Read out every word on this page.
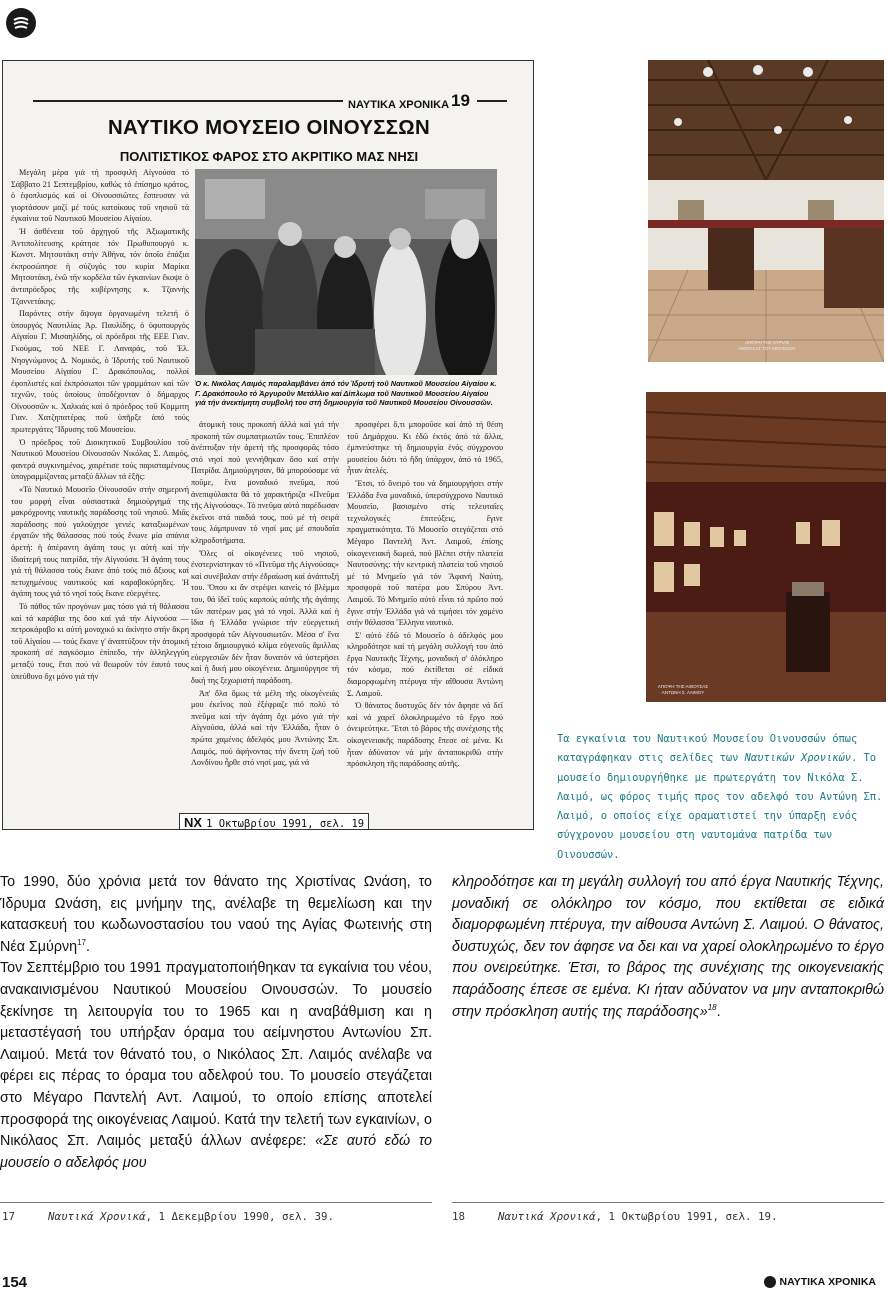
ΝΑΥΤΙΚΑ ΧΡΟΝΙΚΑ 19
ΝΑΥΤΙΚΟ ΜΟΥΣΕΙΟ ΟΙΝΟΥΣΣΩΝ
ΠΟΛΙΤΙΣΤΙΚΟΣ ΦΑΡΟΣ ΣΤΟ ΑΚΡΙΤΙΚΟ ΜΑΣ ΝΗΣΙ

Μεγάλη μέρα γιά τή προσφιλή Αἰγνούσα τό Σάββατο 21 Σεπτεμβρίου, καθώς τό ἐπίσημο κράτος, ὁ ἐφοπλισμός καί οἱ Οἰνουσσιῶτες ἔσπευσαν νά γιορτάσουν μαζί μέ τούς κατοίκους τοῦ νησιοῦ τά ἐγκαίνια τοῦ Ναυτικοῦ Μουσείου Αἰγαίου.

Ἡ ἀσθένεια τοῦ ἀρχηγοῦ τῆς Ἀξιωματικῆς Ἀντιπολίτευσης κράτησε τόν Πρωθυπουργό κ. Κωνστ. Μητσοτάκη στήν Ἀθήνα, τόν ὁποῖο ἐπάξια ἐκπροσώπησε ἡ σύζυγός του κυρία Μαρίκα Μητσοτάκη, ἐνῶ τήν κορδέλα τῶν ἐγκαινίων ἔκοψε ὁ ἀντιπρόεδρος τῆς κυβέρνησης κ. Τζαννής Τζαννετάκης.

Παρόντες στήν ἄψογα ὀργανωμένη τελετή ὁ ὑπουργός Ναυτιλίας Ἀρ. Παυλίδης, ὁ ὑφυπουργός Αἰγαίου Γ. Μισαηλίδης, οἱ πρόεδροι τῆς ΕΕΕ Γιαν. Γκούμας, τοῦ ΝΕΕ Γ. Λαναράς, τοῦ Ἑλ. Νηογνώμονος Δ. Νομικός, ὁ Ἱδρυτής τοῦ Ναυτικοῦ Μουσείου Αἰγαίου Γ. Δρακόπουλος, πολλοί ἐφοπλιστές καί ἐκπρόσωποι τῶν γραμμάτων καί τῶν τεχνῶν, τούς ὁποίους ὑποδέχονταν ὁ δήμαρχος Οἰνουσσῶν κ. Χαλκιάς καί ὁ πρόεδρος τοῦ Κομμιτη Γιαν. Χατζηπατέρας ποῦ ὑπῆρξε ἀπό τούς πρωτεργάτες Ἵδρυσης τοῦ Μουσείου.

Ὁ πρόεδρος τοῦ Διοικητικοῦ Συμβουλίου τοῦ Ναυτικοῦ Μουσείου Οἰνουσσῶν Νικόλας Σ. Λαιμός, φανερά συγκινημένος, χαιρέτισε τούς παρισταμένους ὑπογραμμίζοντας μεταξύ ἄλλων τά ἑξῆς:

«Τό Ναυτικό Μουσεῖο Οἰνουσσῶν στήν σημερινή του μορφή εἶναι οὐσιαστικά δημιούργημά της μακρόχρονης ναυτικῆς παράδοσης τοῦ νησιοῦ. Μιᾶς παράδοσης πού γαλούχησε γενιές καταξιωμένων ἐργατῶν τῆς θάλασσας πού τούς ἕνωνε μία σπάνια ἀρετή: ἡ ἀπέραντη ἀγάπη τους γι αὐτή καί τήν ἰδιαίτερή τους πατρίδα, τήν Αἰγνούσα. Ἡ ἀγάπη τους γιά τή θάλασσα τούς ἔκανε ἀπό τούς πιό ἄξιους καί πετυχημένους ναυτικούς καί καραβοκύρηδες. Ἡ ἀγάπη τους γιά τό νησί τούς ἔκανε εὐεργέτες.

Τό πάθος τῶν προγόνων μας τόσο γιά τή θάλασσα καί τά καράβια της ὅσο καί γιά τήν Αἰγνούσα — πετροκάραβο κι αὐτή μοναχικό κι ἀκίνητο στήν ἄκρη τοῦ Αἰγαίου — τούς ἔκανε γ' ἀναπτύξουν τήν ἀτομική προκοπή σέ παγκόσμιο ἐπίπεδο, τήν ἀλληλεγγύη μεταξύ τους, ἔτσι πού νά θεωροῦν τόν ἑαυτό τους ὑπεύθυνο ὄχι μόνο γιά τήν

Ὁ κ. Νικόλας Λαιμός παραλαμβάνει ἀπό τόν Ἱδρυτή τοῦ Ναυτικοῦ Μουσείου Αἰγαίου κ. Γ. Δρακόπουλο τό Ἀργυροῦν Μετάλλιο καί Δίπλωμα τοῦ Ναυτικοῦ Μουσείου Αἰγαίου γιά τήν ἀνεκτίμητη συμβολή του στή δημιουργία τοῦ Ναυτικοῦ Μουσείου Οἰνουσσῶν.

ἀτομική τους προκοπή ἀλλά καί γιά τήν προκοπή τῶν συμπατριωτῶν τους. Ἐπιπλέον ἀνέπτυξαν τήν ἀρετή τῆς προσφορᾶς τόσο στό νησί πού γεννήθηκαν ὅσο καί στήν Πατρίδα. Δημιούργησαν, θά μπορούσαμε νά ποῦμε, ἕνα μοναδικό πνεῦμα, πού ἀνεπιφύλακτα θά τό χαρακτήριζα «Πνεῦμα τῆς Αἰγνούσας». Τό πνεῦμα αὐτό παρέδωσαν ἐκεῖνοι στά παιδιά τους, πού μέ τή σειρά τους λάμπρυναν τό νησί μας μέ σπουδαῖα κληροδοτήματα.

Ὅλες οἱ οἰκογένειες τοῦ νησιοῦ, ἐνστερνίστηκαν τό «Πνεῦμα τῆς Αἰγνούσας» καί συνέβαλαν στήν ἐδραίωση καί ἀνάπτυξή του. Ὅπου κι ἄν στρέψει κανείς τό βλέμμα του, θά ἰδεῖ τούς καρπούς αὐτῆς τῆς ἀγάπης τῶν πατέρων μας γιά τό νησί. Ἀλλά καί ἡ ἴδια ἡ Ἑλλάδα γνώρισε τήν εὐεργετική προσφορά τῶν Αἰγνουσιωτῶν. Μέσα σ' ἕνα τέτοιο δημιουργικό κλίμα εὐγενοῦς ἅμιλλας εὐεργεσιῶν δέν ἦταν δυνατόν νά ὑστερήσει καί ἡ δική μου οἰκογένεια. Δημιούργησε τή δική της ξεχωριστή παράδοση.

Ἀπ' ὅλα ὅμως τά μέλη τῆς οἰκογένειάς μου ἐκεῖνος πού ἐξέφραζε πιό πολύ τό πνεῦμα καί τήν ἀγάπη ὄχι μόνο γιά τήν Αἰγνούσα, ἀλλά καί τήν Ἑλλάδα, ἦταν ὁ πρώτα χαμένος ἀδελφός μου Ἀντώνης Σπ. Λαιμός, πού ἀφήνοντας τήν ἄνετη ζωή τοῦ Λονδίνου ἦρθε στό νησί μας, γιά νά

προσφέρει ὅ,τι μποροῦσε καί ἀπό τή θέση τοῦ Δημάρχου. Κι ἐδῶ ἐκτός ἀπό τά ἄλλα, ἐμπνεύστηκε τή δημιουργία ἑνός σύγχρονου μουσείου διότι τό ἤδη ὑπάρχον, ἀπό τό 1965, ἦταν ἀτελές.

Ἔτσι, τό ὄνειρό του νά δημιουργήσει στήν Ἑλλάδα ἕνα μοναδικό, ὑπερσύγχρονο Ναυτικό Μουσεῖο, βασισμένο στίς τελευταῖες τεχνολογικές ἐπιτεύξεις, ἔγινε πραγματικότητα. Τό Μουσεῖο στεγάζεται στό Μέγαρο Παντελῆ Ἀντ. Λαιμοῦ, ἐπίσης οἰκογενειακή δωρεά, πού βλέπει στήν πλατεία Ναυτοσύνης: τήν κεντρική πλατεία τοῦ νησιοῦ μέ τό Μνημεῖο γιά τόν Ἄφανή Ναύτη, προσφορά τοῦ πατέρα μου Σπύρου Ἀντ. Λαιμοῦ. Τό Μνημεῖο αὐτό εἶναι τό πρῶτο πού ἔγινε στήν Ἑλλάδα γιά νά τιμήσει τόν χαμένο στήν θάλασσα Ἕλληνα ναυτικό.

Σ' αὐτό ἐδῶ τό Μουσεῖο ὁ ἀδελφός μου κληροδότησε καί τή μεγάλη συλλογή του ἀπό ἔργα Ναυτικῆς Τέχνης, μοναδική σ' ὁλόκληρο τόν κόσμο, πού ἐκτίθεται σέ εἰδικά διαμορφωμένη πτέρυγα τήν αἴθουσα Ἀντώνη Σ. Λαιμοῦ.

Ὁ θάνατος δυστυχῶς δέν τόν ἄφησε νά δεῖ καί νά χαρεῖ ὁλοκληρωμένο τό ἔργο πού ὀνειρεύτηκε. Ἔτσι τό βάρος τῆς συνέχισης τῆς οἰκογενειακῆς παράδοσης ἔπεσε σέ μένα. Κι ἦταν ἀδύνατον νά μήν ἀνταποκριθῶ στήν πρόσκληση τῆς παράδοσης αὐτῆς.

ΝΧ 1 Οκτωβρίου 1991, σελ. 19
ΑΠΟΨΗ ΤΗΣ ΚΥΡΙΑΣ ΑΙΘΟΥΣΑΣ ΤΟΥ ΜΟΥΣΕΙΟΥ
ΑΠΟΨΗ ΤΗΣ ΑΙΘΟΥΣΑΣ ΑΝΤΩΝΗ Σ. ΛΑΙΜΟΥ
Τα εγκαίνια του Ναυτικού Μουσείου Οινουσσών όπως καταγράφηκαν στις σελίδες των Ναυτικών Χρονικών. Το μουσείο δημιουργήθηκε με πρωτεργάτη τον Νικόλα Σ. Λαιμό, ως φόρος τιμής προς τον αδελφό του Αντώνη Σπ. Λαιμό, ο οποίος είχε οραματιστεί την ύπαρξη ενός σύγχρονου μουσείου στη ναυτομάνα πατρίδα των Οινουσσών.

Το 1990, δύο χρόνια μετά τον θάνατο της Χριστίνας Ωνάση, το Ίδρυμα Ωνάση, εις μνήμην της, ανέλαβε τη θεμελίωση και την κατασκευή του κωδωνοστασίου του ναού της Αγίας Φωτεινής στη Νέα Σμύρνη$^{17}$.

Τον Σεπτέμβριο του 1991 πραγματοποιήθηκαν τα εγκαίνια του νέου, ανακαινισμένου Ναυτικού Μουσείου Οινουσσών. Το μουσείο ξεκίνησε τη λειτουργία του το 1965 και η αναβάθμιση και η μεταστέγασή του υπήρξαν όραμα του αείμνηστου Αντωνίου Σπ. Λαιμού. Μετά τον θάνατό του, ο Νικόλαος Σπ. Λαιμός ανέλαβε να φέρει εις πέρας το όραμα του αδελφού του. Το μουσείο στεγάζεται στο Μέγαρο Παντελή Αντ. Λαιμού, το οποίο επίσης αποτελεί προσφορά της οικογένειας Λαιμού. Κατά την τελετή των εγκαινίων, ο Νικόλαος Σπ. Λαιμός μεταξύ άλλων ανέφερε: «Σε αυτό εδώ το μουσείο ο αδελφός μου

κληροδότησε και τη μεγάλη συλλογή του από έργα Ναυτικής Τέχνης, μοναδική σε ολόκληρο τον κόσμο, που εκτίθεται σε ειδικά διαμορφωμένη πτέρυγα, την αίθουσα Αντώνη Σ. Λαιμού. Ο θάνατος, δυστυχώς, δεν τον άφησε να δει και να χαρεί ολοκληρωμένο το έργο που ονειρεύτηκε. Έτσι, το βάρος της συνέχισης της οικογενειακής παράδοσης έπεσε σε εμένα. Κι ήταν αδύνατον να μην ανταποκριθώ στην πρόσκληση αυτής της παράδοσης»$^{18}$.
17	Ναυτικά Χρονικά, 1 Δεκεμβρίου 1990, σελ. 39.	18	Ναυτικά Χρονικά, 1 Οκτωβρίου 1991, σελ. 19.
154	ΝΑΥΤΙΚΑ ΧΡΟΝΙΚΑ
